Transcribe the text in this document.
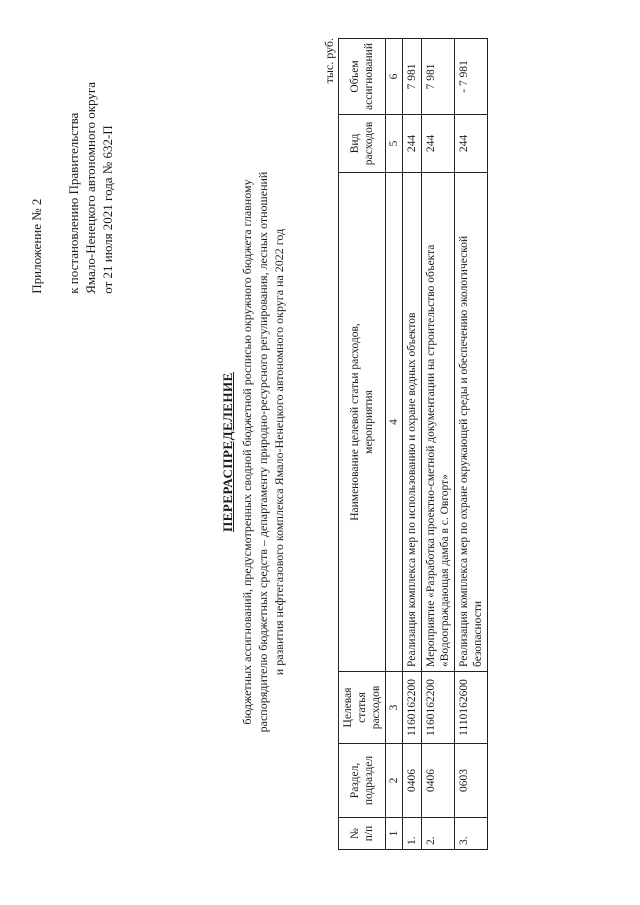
Приложение № 2 к постановлению Правительства Ямало-Ненецкого автономного округа от 21 июля 2021 года № 632-П
ПЕРЕРАСПРЕДЕЛЕНИЕ бюджетных ассигнований, предусмотренных сводной бюджетной росписью окружного бюджета главному распорядителю бюджетных средств – департаменту природно-ресурсного регулирования, лесных отношений и развития нефтегазового комплекса Ямало-Ненецкого автономного округа на 2022 год
тыс. руб.
№ п/п	Раздел, подраздел	Целевая статья расходов	Наименование целевой статьи расходов, мероприятия	Вид расходов	Объем ассигнований
1	2	3	4	5	6
1.	0406	1160162200	Реализация комплекса мер по использованию и охране водных объектов	244	7 981
2.	0406	1160162200	Мероприятие «Разработка проектно-сметной документации на строительство объекта «Водоограждающая дамба в с. Овгорт»	244	7 981
3.	0603	1110162600	Реализация комплекса мер по охране окружающей среды и обеспечению экологической безопасности	244	- 7 981
